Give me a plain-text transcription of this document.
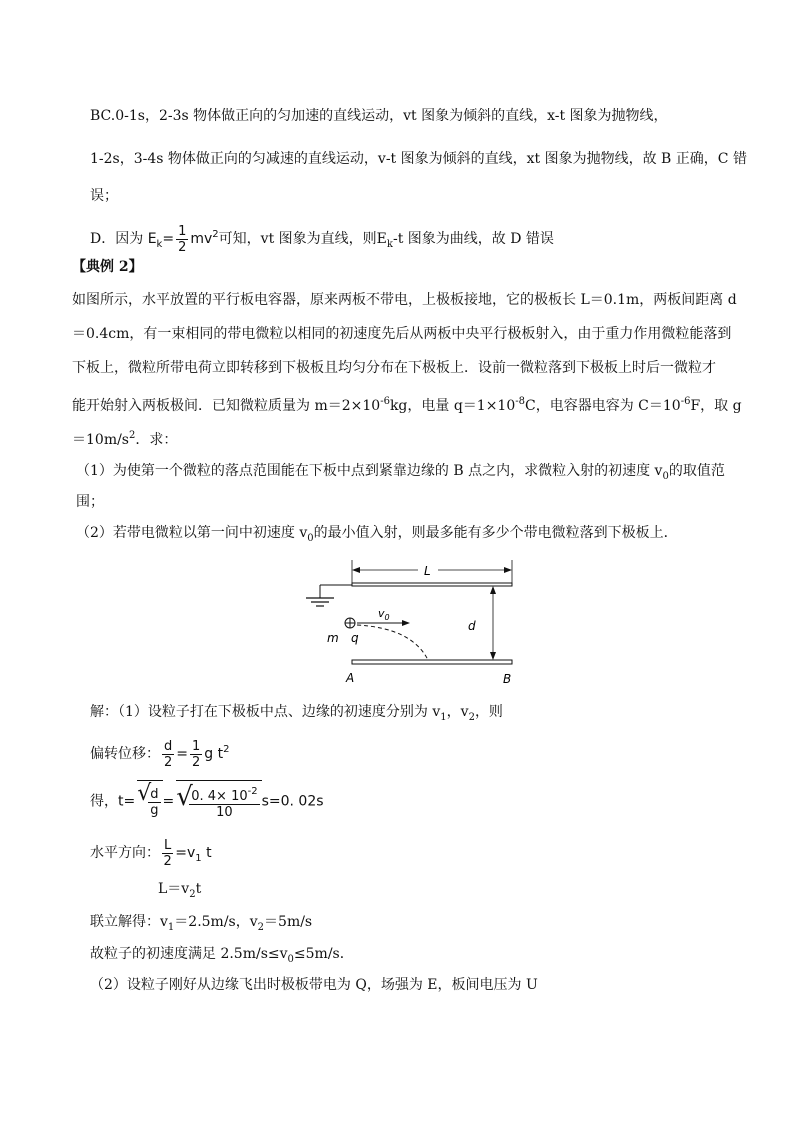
BC.0-1s，2-3s 物体做正向的匀加速的直线运动，vt 图象为倾斜的直线，x-t 图象为抛物线，
1-2s，3-4s 物体做正向的匀减速的直线运动，v-t 图象为倾斜的直线，xt 图象为抛物线，故 B 正确，C 错
误；
D．因为 $E_k= \frac{1}{2} mv^2$可知，vt 图象为直线，则$E_k-t$ 图象为曲线，故 D 错误
【典例 2】
如图所示，水平放置的平行板电容器，原来两板不带电，上极板接地，它的极板长 L＝0.1m，两板间距离 d
＝0.4cm，有一束相同的带电微粒以相同的初速度先后从两板中央平行极板射入，由于重力作用微粒能落到
下板上，微粒所带电荷立即转移到下极板且均匀分布在下极板上．设前一微粒落到下极板上时后一微粒才
能开始射入两板极间．已知微粒质量为 $m=2\times 10^{-6}kg$，电量 $q=1\times 10^{-8}C$，电容器电容为 $C=10^{-6}F$，取 g
$=10m/s^2$．求：
（1）为使第一个微粒的落点范围能在下板中点到紧靠边缘的 B 点之内，求微粒入射的初速度 $v_0$的取值范
围；
（2）若带电微粒以第一问中初速度 $v_0$的最小值入射，则最多能有多少个带电微粒落到下极板上．
L
d
$v_0$
m q
A	B
解：（1）设粒子打在下极板中点、边缘的初速度分别为 $v_1$，$v_2$，则
偏转位移： $\frac{d}{2} = \frac{1}{2}$ g $t^2$
得，t= √
$\frac{d}{g}$ = √
$\frac{0. 4\times 10^{-2}}{10} s=0$. 02s
水平方向： $\frac{L}{2} =v_1$ t
$L=v_2t$
联立解得：$v_1=2.5m/s$，$v_2=5m/s$
故粒子的初速度满足 $2.5m/s\le v_0\le 5m/s$．
（2）设粒子刚好从边缘飞出时极板带电为 Q，场强为 E，板间电压为 U
